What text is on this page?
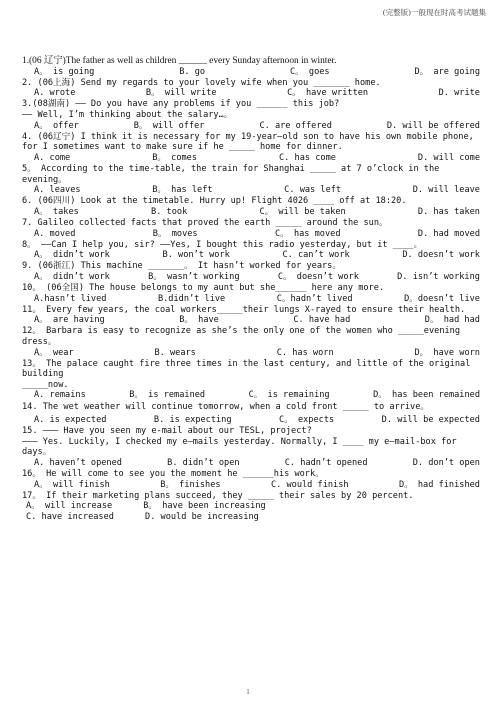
(完整版)一般现在时高考试题集
1.(06 辽宁)The father as well as children ______ every Sunday afternoon in winter.
A。 is going	B. go	C。 goes	D。 are going
2. (06上海) Send my regards to your lovely wife when you _______ home.
A. wrote	B。 will write	C。 have written	D. write
3.(08湖南) —— Do you have any problems if you ______ this job?
—— Well, I’m thinking about the salary…。
A。 offer	B。 will offer	C. are offered	D. will be offered
4. (06辽宁) I think it is necessary for my 19-year—old son to have his own mobile phone, for I sometimes want to make sure if he _____ home for dinner.
A. come	B。 comes	C. has come	D. will come
5。 According to the time-table, the train for Shanghai _____ at 7 o’clock in the evening。
A. leaves	B。 has left	C. was left	D. will leave
6. (06四川) Look at the timetable. Hurry up! Flight 4026 ____ off at 18:20.
A。 takes	B. took	C。 will be taken	D. has taken
7. Galileo collected facts that proved the earth _____ around the sun。
A. moved	B。 moves	C。 has moved	D. had moved
8。 ——Can I help you, sir? ——Yes, I bought this radio yesterday, but it ____。
A。 didn’t work	B. won’t work	C. can’t work	D. doesn’t work
9. (06浙江) This machine _______。 It hasn’t worked for years。
A。 didn’t work	B。 wasn’t working	C。 doesn’t work	D. isn’t working
10。 (06全国) The house belongs to my aunt but she______ here any more.
A.hasn’t lived	B.didn’t live	C。hadn’t lived	D。doesn’t live
11。 Every few years, the coal workers_____their lungs X-rayed to ensure their health.
A。 are having	B。 have	C. have had	D。 had had
12。 Barbara is easy to recognize as she’s the only one of the women who _____evening dress。
A。 wear	B. wears	C. has worn	D。 have worn
13。 The palace caught fire three times in the last century, and little of the original building
_____now.
A. remains	B。 is remained	C。 is remaining	D。 has been remained
14. The wet weather will continue tomorrow, when a cold front _____ to arrive。
A. is expected	B. is expecting	C。 expects	D. will be expected
15. ——— Have you seen my e-mail about our TESL, project?
——— Yes. Luckily, I checked my e—mails yesterday. Normally, I ____ my e—mail-box for days。
A. haven’t opened	B. didn’t open	C. hadn’t opened	D. don’t open
16。 He will come to see you the moment he ______his work。
A。 will finish	B。 finishes	C. would finish	D。 had finished
17。 If their marketing plans succeed, they _____ their sales by 20 percent.
A。 will increase	B。 have been increasing
C. have increased	D. would be increasing
1
